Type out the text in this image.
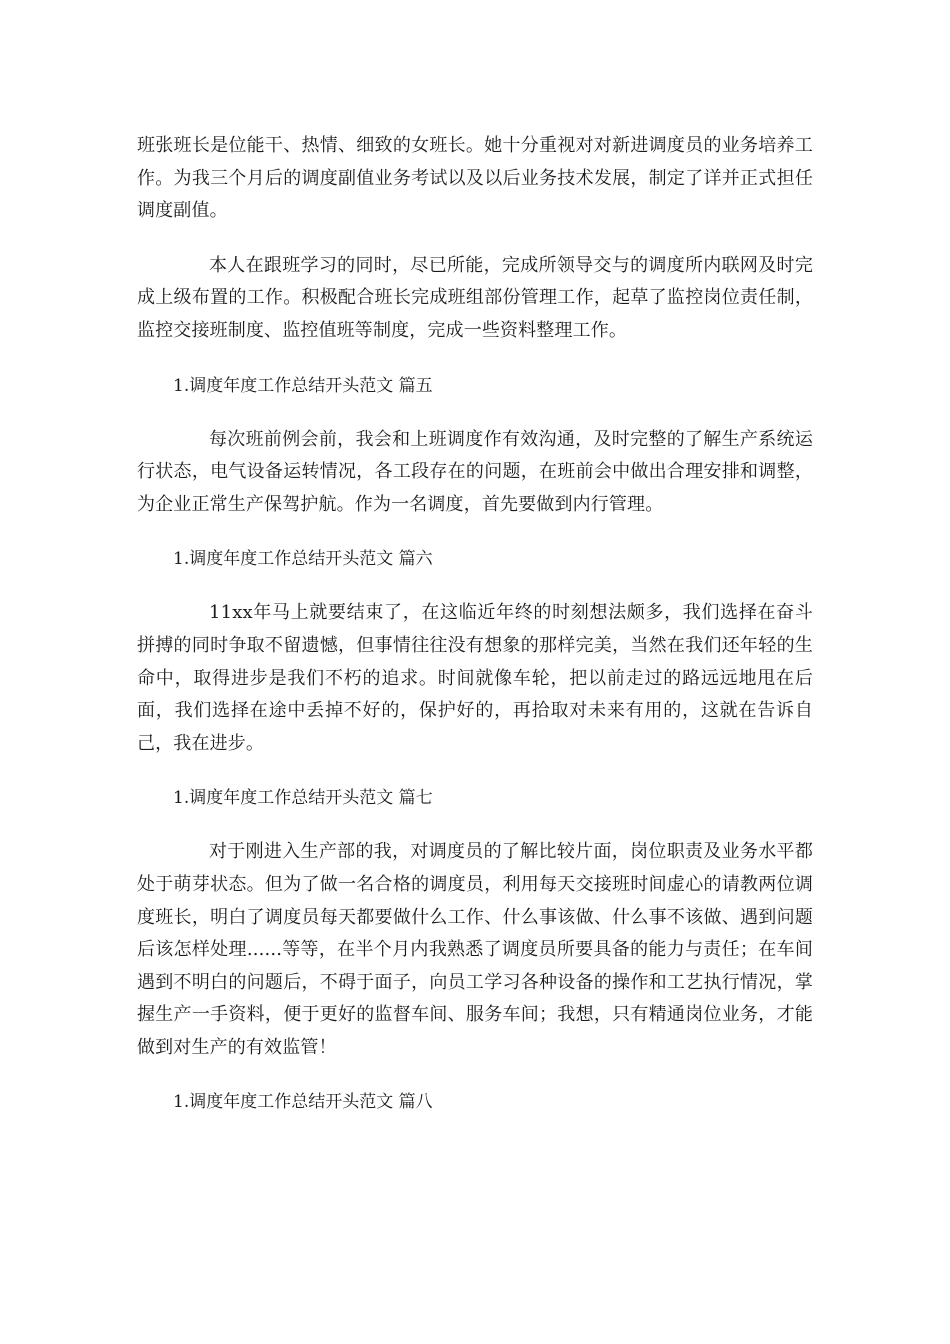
班张班长是位能干、热情、细致的女班长。她十分重视对对新进调度员的业务培养工作。为我三个月后的调度副值业务考试以及以后业务技术发展，制定了详并正式担任调度副值。

本人在跟班学习的同时，尽已所能，完成所领导交与的调度所内联网及时完成上级布置的工作。积极配合班长完成班组部份管理工作，起草了监控岗位责任制，监控交接班制度、监控值班等制度，完成一些资料整理工作。

1.调度年度工作总结开头范文 篇五

每次班前例会前，我会和上班调度作有效沟通，及时完整的了解生产系统运行状态，电气设备运转情况，各工段存在的问题，在班前会中做出合理安排和调整，为企业正常生产保驾护航。作为一名调度，首先要做到内行管理。

1.调度年度工作总结开头范文 篇六

11xx年马上就要结束了，在这临近年终的时刻想法颇多，我们选择在奋斗拼搏的同时争取不留遗憾，但事情往往没有想象的那样完美，当然在我们还年轻的生命中，取得进步是我们不朽的追求。时间就像车轮，把以前走过的路远远地甩在后面，我们选择在途中丢掉不好的，保护好的，再拾取对未来有用的，这就在告诉自己，我在进步。

1.调度年度工作总结开头范文 篇七

对于刚进入生产部的我，对调度员的了解比较片面，岗位职责及业务水平都处于萌芽状态。但为了做一名合格的调度员，利用每天交接班时间虚心的请教两位调度班长，明白了调度员每天都要做什么工作、什么事该做、什么事不该做、遇到问题后该怎样处理......等等，在半个月内我熟悉了调度员所要具备的能力与责任；在车间遇到不明白的问题后，不碍于面子，向员工学习各种设备的操作和工艺执行情况，掌握生产一手资料，便于更好的监督车间、服务车间；我想，只有精通岗位业务，才能做到对生产的有效监管！

1.调度年度工作总结开头范文 篇八
